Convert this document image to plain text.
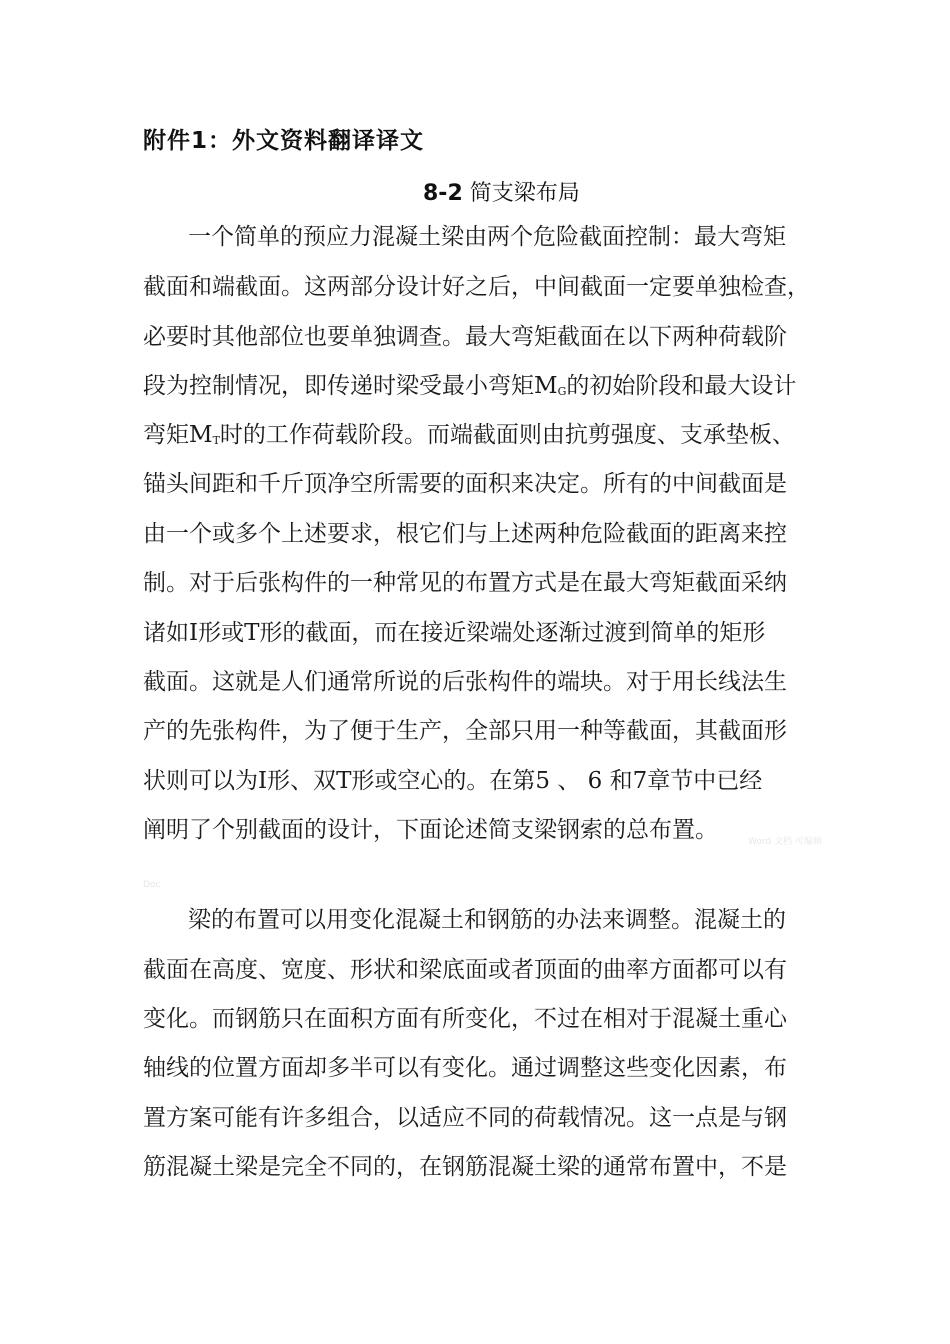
附件1：外文资料翻译译文
8-2 简支梁布局
一个简单的预应力混凝土梁由两个危险截面控制：最大弯矩
截面和端截面。这两部分设计好之后，中间截面一定要单独检查，
必要时其他部位也要单独调查。最大弯矩截面在以下两种荷载阶
段为控制情况，即传递时梁受最小弯矩$M_G$的初始阶段和最大设计
弯矩$M_T$时的工作荷载阶段。而端截面则由抗剪强度、支承垫板、
锚头间距和千斤顶净空所需要的面积来决定。所有的中间截面是
由一个或多个上述要求，根它们与上述两种危险截面的距离来控
制。对于后张构件的一种常见的布置方式是在最大弯矩截面采纳
诸如I形或T形的截面，而在接近梁端处逐渐过渡到简单的矩形
截面。这就是人们通常所说的后张构件的端块。对于用长线法生
产的先张构件，为了便于生产，全部只用一种等截面，其截面形
状则可以为I形、双T形或空心的。在第5 、 6 和7章节中已经
阐明了个别截面的设计，下面论述简支梁钢索的总布置。	Word 文档 可编辑
Doc
梁的布置可以用变化混凝土和钢筋的办法来调整。混凝土的
截面在高度、宽度、形状和梁底面或者顶面的曲率方面都可以有
变化。而钢筋只在面积方面有所变化，不过在相对于混凝土重心
轴线的位置方面却多半可以有变化。通过调整这些变化因素，布
置方案可能有许多组合，以适应不同的荷载情况。这一点是与钢
筋混凝土梁是完全不同的，在钢筋混凝土梁的通常布置中，不是
